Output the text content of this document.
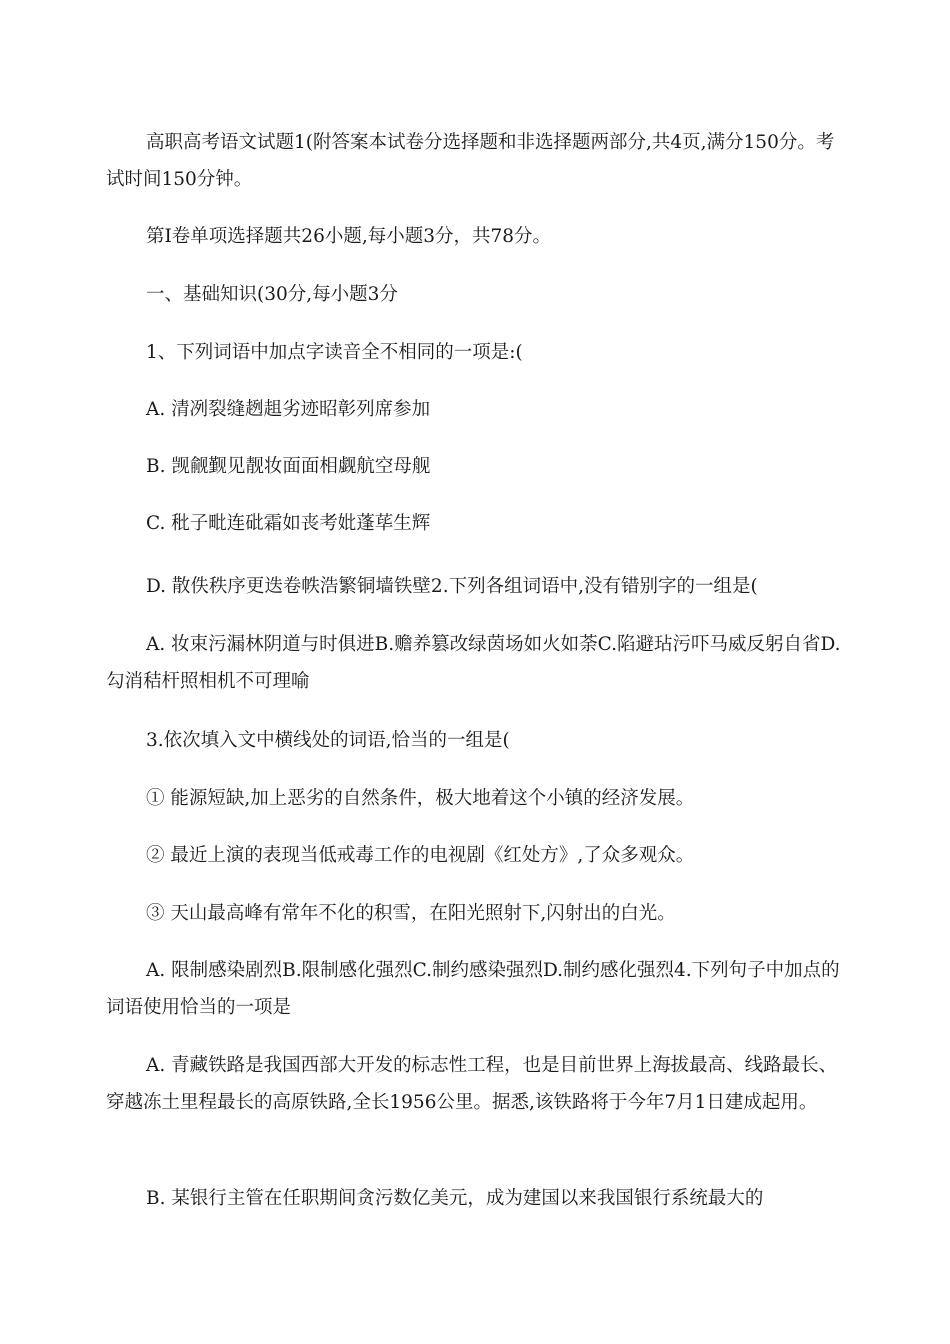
高职高考语文试题1(附答案本试卷分选择题和非选择题两部分,共4页,满分150分。考试时间150分钟。

第Ⅰ卷单项选择题共26小题,每小题3分，共78分。

一、基础知识(30分,每小题3分

1、下列词语中加点字读音全不相同的一项是:(

A. 清冽裂缝趔趄劣迹昭彰列席参加

B. 觊觎觐见靓妆面面相觑航空母舰

C. 秕子毗连砒霜如丧考妣蓬荜生辉

D. 散佚秩序更迭卷帙浩繁铜墙铁壁2.下列各组词语中,没有错别字的一组是(

A. 妆束污漏林阴道与时俱进B.赡养篡改绿茵场如火如荼C.陷避玷污吓马威反躬自省D.勾消秸杆照相机不可理喻

3.依次填入文中横线处的词语,恰当的一组是(

① 能源短缺,加上恶劣的自然条件，极大地着这个小镇的经济发展。

② 最近上演的表现当低戒毒工作的电视剧《红处方》,了众多观众。

③ 天山最高峰有常年不化的积雪，在阳光照射下,闪射出的白光。

A. 限制感染剧烈B.限制感化强烈C.制约感染强烈D.制约感化强烈4.下列句子中加点的词语使用恰当的一项是

A. 青藏铁路是我国西部大开发的标志性工程，也是目前世界上海拔最高、线路最长、穿越冻土里程最长的高原铁路,全长1956公里。据悉,该铁路将于今年7月1日建成起用。

B. 某银行主管在任职期间贪污数亿美元，成为建国以来我国银行系统最大的
